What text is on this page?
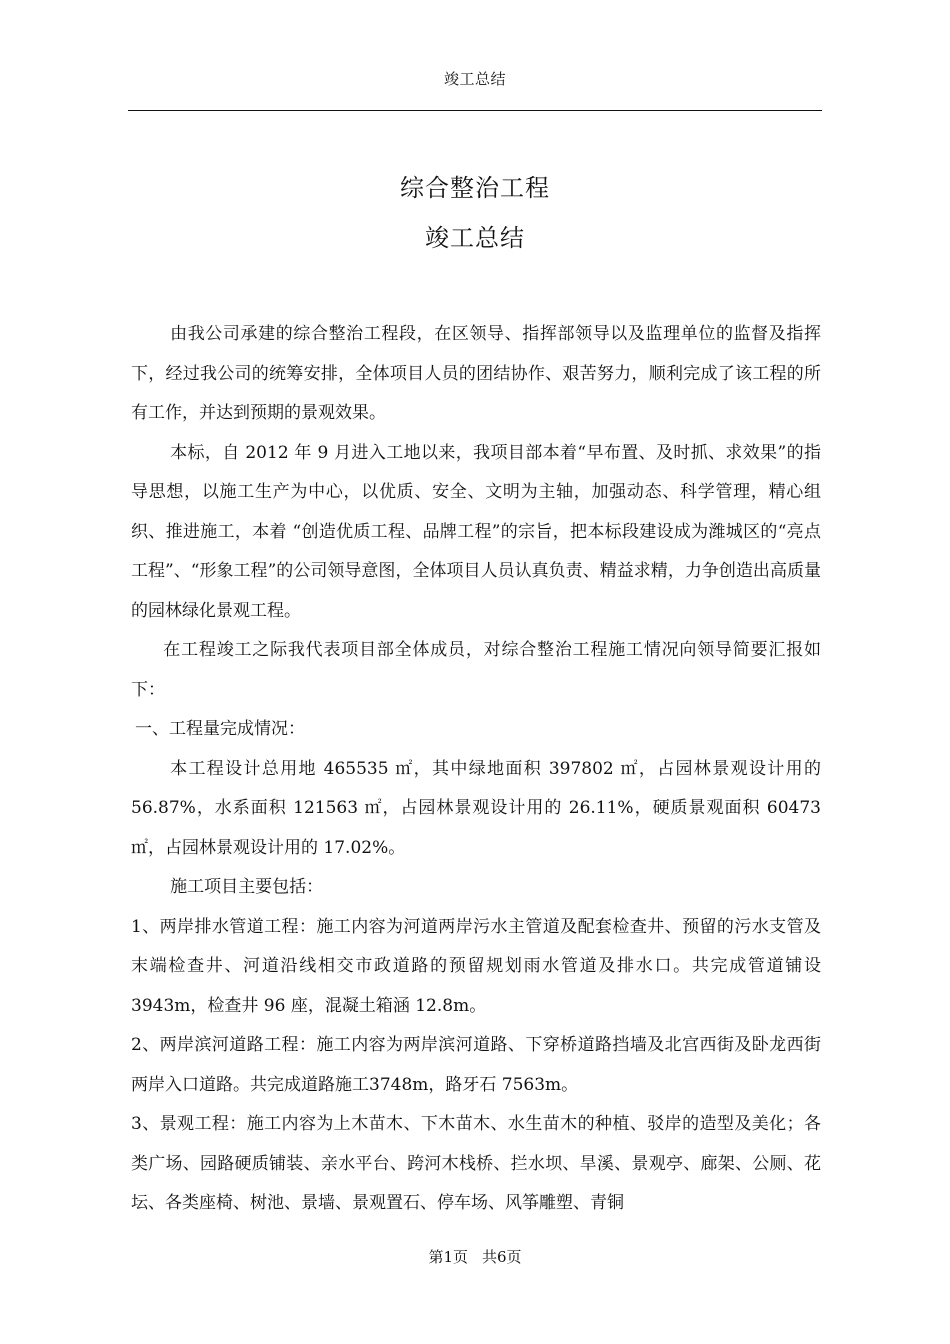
竣工总结
综合整治工程
竣工总结

由我公司承建的综合整治工程段，在区领导、指挥部领导以及监理单位的监督及指挥下，经过我公司的统筹安排，全体项目人员的团结协作、艰苦努力，顺利完成了该工程的所有工作，并达到预期的景观效果。

本标，自 2012 年 9 月进入工地以来，我项目部本着“早布置、及时抓、求效果”的指导思想，以施工生产为中心，以优质、安全、文明为主轴，加强动态、科学管理，精心组织、推进施工，本着 “创造优质工程、品牌工程”的宗旨，把本标段建设成为潍城区的“亮点工程”、“形象工程”的公司领导意图，全体项目人员认真负责、精益求精，力争创造出高质量的园林绿化景观工程。

在工程竣工之际我代表项目部全体成员，对综合整治工程施工情况向领导简要汇报如下：

一、工程量完成情况：

本工程设计总用地 465535 ㎡，其中绿地面积 397802 ㎡，占园林景观设计用的 56.87%，水系面积 121563 ㎡，占园林景观设计用的 26.11%，硬质景观面积 60473 ㎡，占园林景观设计用的 17.02%。

施工项目主要包括：

1、两岸排水管道工程：施工内容为河道两岸污水主管道及配套检查井、预留的污水支管及末端检查井、河道沿线相交市政道路的预留规划雨水管道及排水口。共完成管道铺设 3943m，检查井 96 座，混凝土箱涵 12.8m。

2、两岸滨河道路工程：施工内容为两岸滨河道路、下穿桥道路挡墙及北宫西街及卧龙西街两岸入口道路。共完成道路施工3748m，路牙石 7563m。

3、景观工程：施工内容为上木苗木、下木苗木、水生苗木的种植、驳岸的造型及美化；各类广场、园路硬质铺装、亲水平台、跨河木栈桥、拦水坝、旱溪、景观亭、廊架、公厕、花坛、各类座椅、树池、景墙、景观置石、停车场、风筝雕塑、青铜

第1页 共6页
